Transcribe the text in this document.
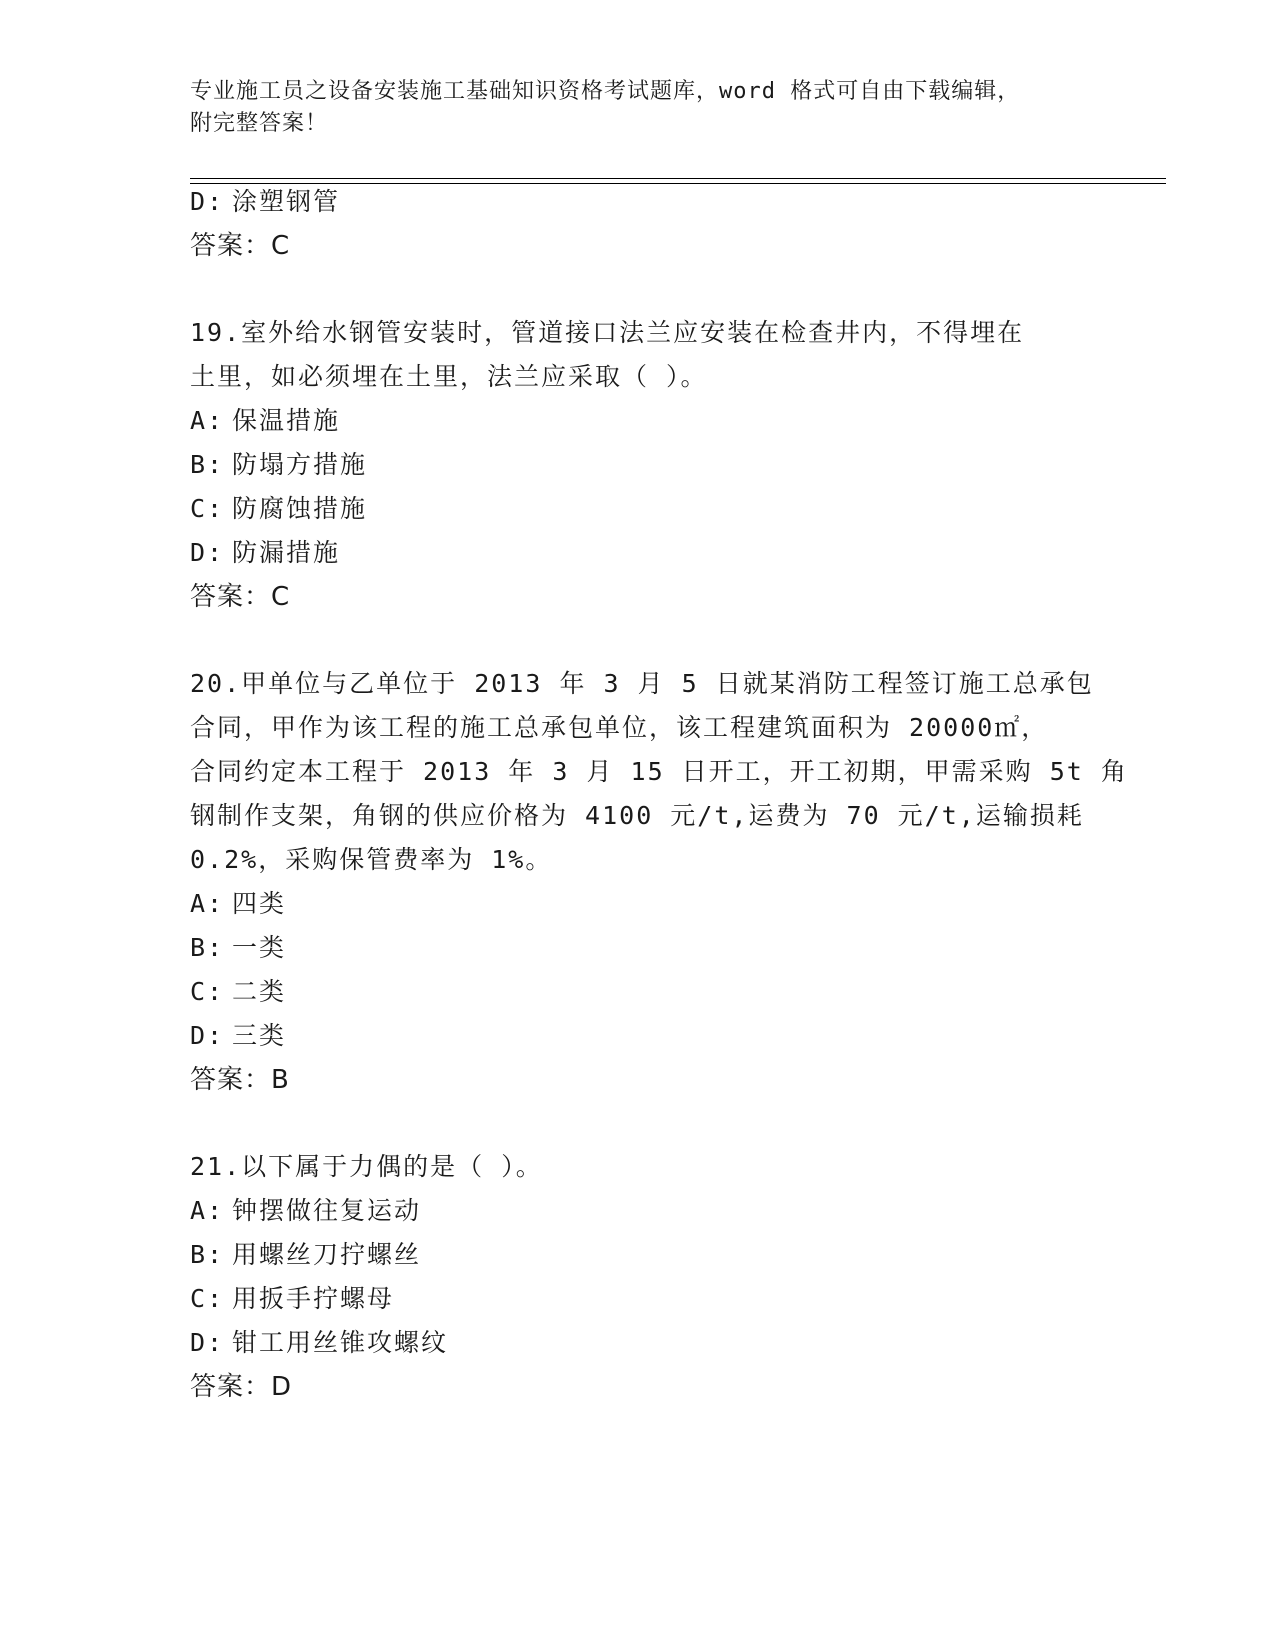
专业施工员之设备安装施工基础知识资格考试题库，word 格式可自由下载编辑，
附完整答案！
D: 涂塑钢管
答案：C
19.室外给水钢管安装时，管道接口法兰应安装在检查井内，不得埋在
土里，如必须埋在土里，法兰应采取（ ）。
A: 保温措施
B: 防塌方措施
C: 防腐蚀措施
D: 防漏措施
答案：C
20.甲单位与乙单位于 2013 年 3 月 5 日就某消防工程签订施工总承包
合同，甲作为该工程的施工总承包单位，该工程建筑面积为 20000㎡，
合同约定本工程于 2013 年 3 月 15 日开工，开工初期，甲需采购 5t 角
钢制作支架，角钢的供应价格为 4100 元/t,运费为 70 元/t,运输损耗
0.2%，采购保管费率为 1%。
A: 四类
B: 一类
C: 二类
D: 三类
答案：B
21.以下属于力偶的是（ ）。
A: 钟摆做往复运动
B: 用螺丝刀拧螺丝
C: 用扳手拧螺母
D: 钳工用丝锥攻螺纹
答案：D
